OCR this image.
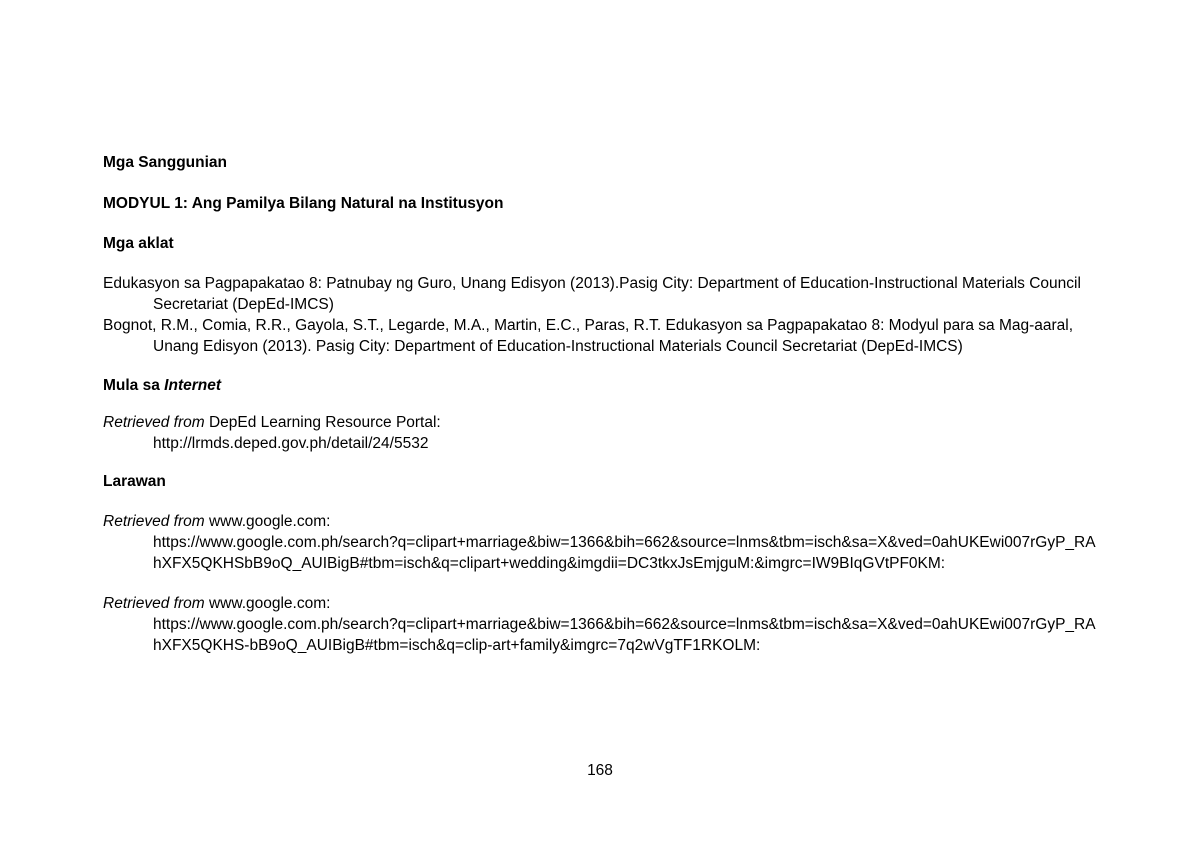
Mga Sanggunian

MODYUL 1: Ang Pamilya Bilang Natural na Institusyon

Mga aklat

Edukasyon sa Pagpapakatao 8: Patnubay ng Guro, Unang Edisyon (2013).Pasig City: Department of Education-Instructional Materials Council Secretariat (DepEd-IMCS)

Bognot, R.M., Comia, R.R., Gayola, S.T., Legarde, M.A., Martin, E.C., Paras, R.T. Edukasyon sa Pagpapakatao 8: Modyul para sa Mag-aaral, Unang Edisyon (2013). Pasig City: Department of Education-Instructional Materials Council Secretariat (DepEd-IMCS)

Mula sa Internet

Retrieved from DepEd Learning Resource Portal:

http://lrmds.deped.gov.ph/detail/24/5532

Larawan

Retrieved from www.google.com:

https://www.google.com.ph/search?q=clipart+marriage&biw=1366&bih=662&source=lnms&tbm=isch&sa=X&ved=0ahUKEwi007rGyP_RAhXFX5QKHSbB9oQ_AUIBigB#tbm=isch&q=clipart+wedding&imgdii=DC3tkxJsEmjguM:&imgrc=IW9BIqGVtPF0KM:

Retrieved from www.google.com:

https://www.google.com.ph/search?q=clipart+marriage&biw=1366&bih=662&source=lnms&tbm=isch&sa=X&ved=0ahUKEwi007rGyP_RAhXFX5QKHS-bB9oQ_AUIBigB#tbm=isch&q=clip-art+family&imgrc=7q2wVgTF1RKOLM:

168
